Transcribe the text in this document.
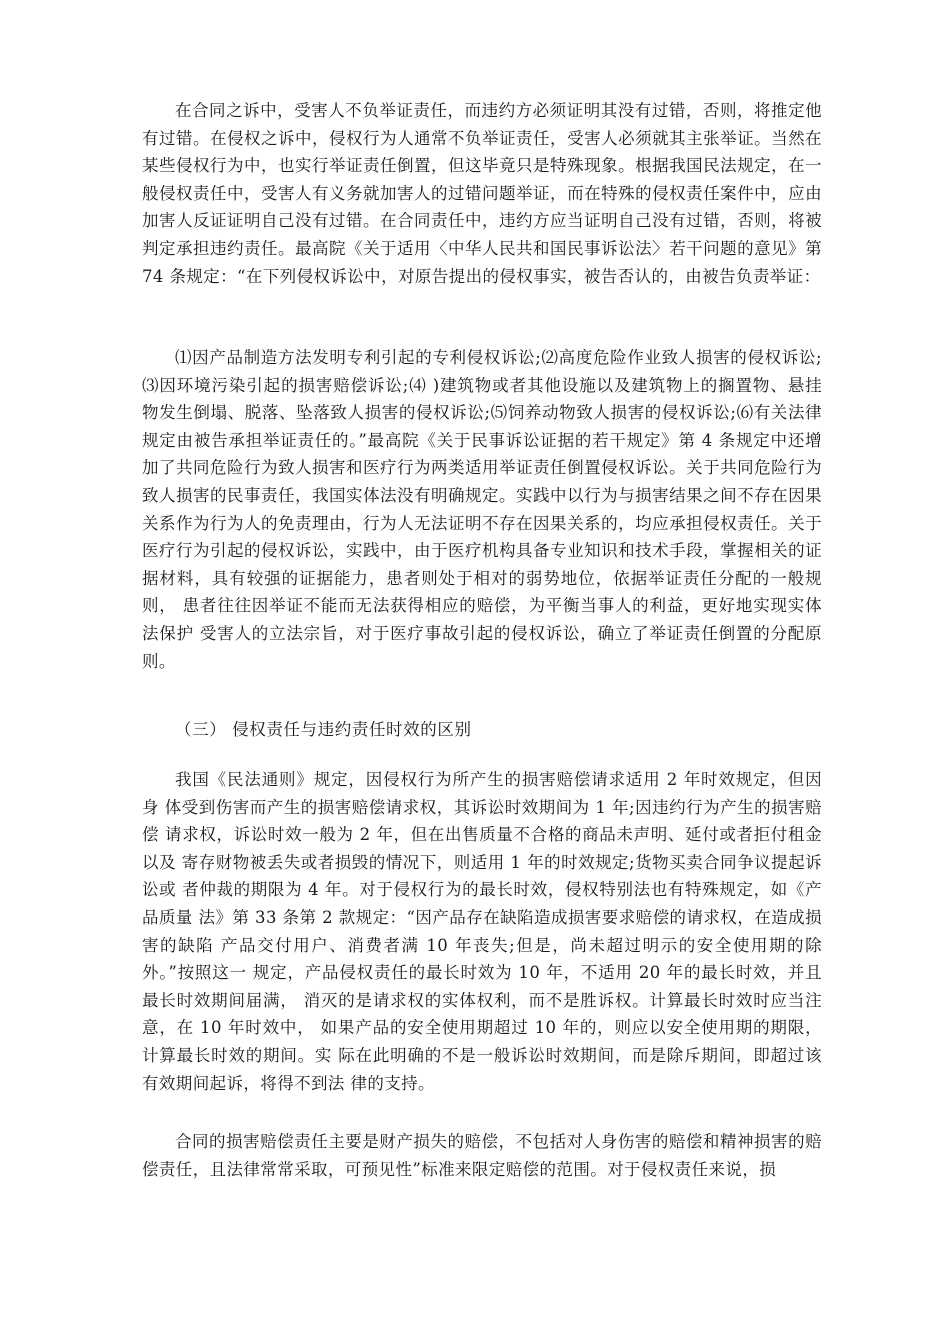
在合同之诉中，受害人不负举证责任，而违约方必须证明其没有过错，否则，将推定他 有过错。在侵权之诉中，侵权行为人通常不负举证责任，受害人必须就其主张举证。当然在 某些侵权行为中，也实行举证责任倒置，但这毕竟只是特殊现象。根据我国民法规定，在一 般侵权责任中，受害人有义务就加害人的过错问题举证，而在特殊的侵权责任案件中，应由 加害人反证证明自己没有过错。在合同责任中，违约方应当证明自己没有过错，否则，将被 判定承担违约责任。最高院《关于适用〈中华人民共和国民事诉讼法〉若干问题的意见》第 74 条规定：“在下列侵权诉讼中，对原告提出的侵权事实，被告否认的，由被告负责举证：

⑴因产品制造方法发明专利引起的专利侵权诉讼;⑵高度危险作业致人损害的侵权诉讼; ⑶因环境污染引起的损害赔偿诉讼;⑷ )建筑物或者其他设施以及建筑物上的搁置物、悬挂 物发生倒塌、脱落、坠落致人损害的侵权诉讼;⑸饲养动物致人损害的侵权诉讼;⑹有关法律 规定由被告承担举证责任的。”最高院《关于民事诉讼证据的若干规定》第 4 条规定中还增 加了共同危险行为致人损害和医疗行为两类适用举证责任倒置侵权诉讼。关于共同危险行为 致人损害的民事责任，我国实体法没有明确规定。实践中以行为与损害结果之间不存在因果 关系作为行为人的免责理由，行为人无法证明不存在因果关系的，均应承担侵权责任。关于 医疗行为引起的侵权诉讼，实践中，由于医疗机构具备专业知识和技术手段，掌握相关的证 据材料，具有较强的证据能力，患者则处于相对的弱势地位，依据举证责任分配的一般规则， 患者往往因举证不能而无法获得相应的赔偿，为平衡当事人的利益，更好地实现实体法保护 受害人的立法宗旨，对于医疗事故引起的侵权诉讼，确立了举证责任倒置的分配原则。

（三） 侵权责任与违约责任时效的区别

我国《民法通则》规定，因侵权行为所产生的损害赔偿请求适用 2 年时效规定，但因身 体受到伤害而产生的损害赔偿请求权，其诉讼时效期间为 1 年;因违约行为产生的损害赔偿 请求权，诉讼时效一般为 2 年，但在出售质量不合格的商品未声明、延付或者拒付租金以及 寄存财物被丢失或者损毁的情况下，则适用 1 年的时效规定;货物买卖合同争议提起诉讼或 者仲裁的期限为 4 年。对于侵权行为的最长时效，侵权特别法也有特殊规定，如《产品质量 法》第 33 条第 2 款规定：“因产品存在缺陷造成损害要求赔偿的请求权，在造成损害的缺陷 产品交付用户、消费者满 10 年丧失;但是，尚未超过明示的安全使用期的除外。”按照这一 规定，产品侵权责任的最长时效为 10 年，不适用 20 年的最长时效，并且最长时效期间届满， 消灭的是请求权的实体权利，而不是胜诉权。计算最长时效时应当注意，在 10 年时效中， 如果产品的安全使用期超过 10 年的，则应以安全使用期的期限，计算最长时效的期间。实 际在此明确的不是一般诉讼时效期间，而是除斥期间，即超过该有效期间起诉，将得不到法 律的支持。

合同的损害赔偿责任主要是财产损失的赔偿，不包括对人身伤害的赔偿和精神损害的赔 偿责任，且法律常常采取，可预见性”标准来限定赔偿的范围。对于侵权责任来说，损
